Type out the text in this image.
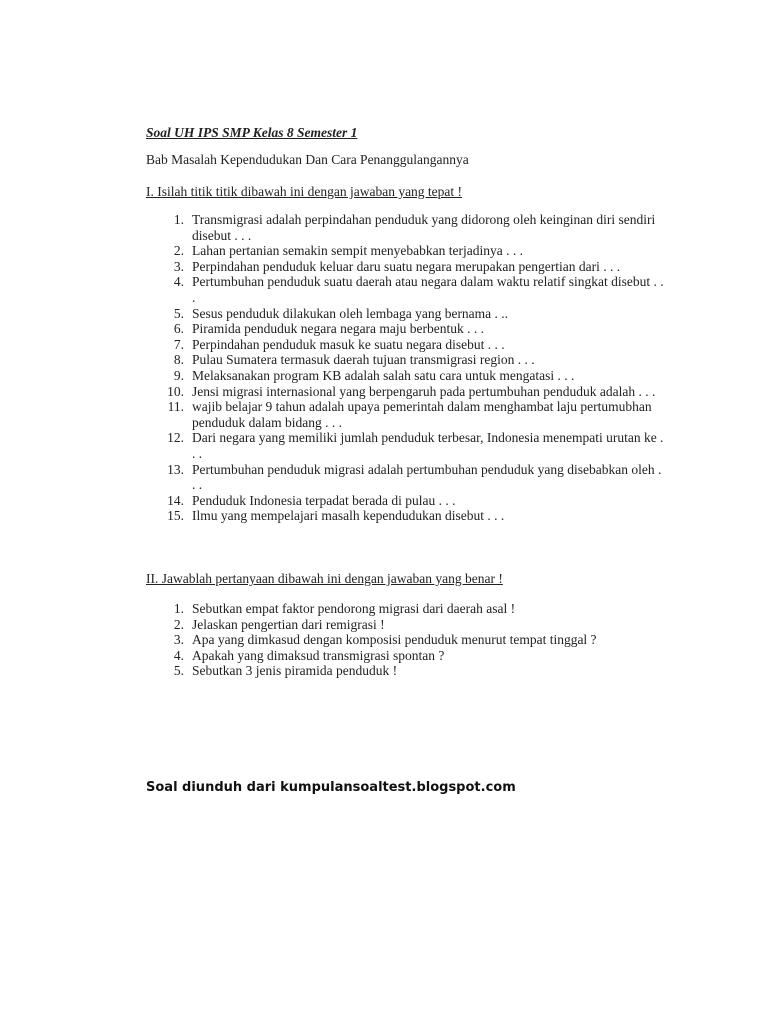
Soal UH IPS SMP Kelas 8 Semester 1
Bab Masalah Kependudukan Dan Cara Penanggulangannya
I. Isilah titik titik dibawah ini dengan jawaban yang tepat !
1 . Transmigrasi adalah perpindahan penduduk yang didorong oleh keinginan diri sendiri disebut . . .
2 . Lahan pertanian semakin sempit menyebabkan terjadinya . . .
3 . Perpindahan penduduk keluar daru suatu negara merupakan pengertian dari . . .
4 . Pertumbuhan penduduk suatu daerah atau negara dalam waktu relatif singkat disebut . . .
5 . Sesus penduduk dilakukan oleh lembaga yang bernama . ..
6 . Piramida penduduk negara negara maju berbentuk . . .
7 . Perpindahan penduduk masuk ke suatu negara disebut . . .
8 . Pulau Sumatera termasuk daerah tujuan transmigrasi region . . .
9 . Melaksanakan program KB adalah salah satu cara untuk mengatasi . . .
10 . Jensi migrasi internasional yang berpengaruh pada pertumbuhan penduduk adalah . . .
11 . wajib belajar 9 tahun adalah upaya pemerintah dalam menghambat laju pertumubhan penduduk dalam bidang . . .
12 . Dari negara yang memiliki jumlah penduduk terbesar, Indonesia menempati urutan ke . . .
13 . Pertumbuhan penduduk migrasi adalah pertumbuhan penduduk yang disebabkan oleh . . .
14 . Penduduk Indonesia terpadat berada di pulau . . .
15 . Ilmu yang mempelajari masalh kependudukan disebut . . .
II. Jawablah pertanyaan dibawah ini dengan jawaban yang benar !
1 . Sebutkan empat faktor pendorong migrasi dari daerah asal !
2 . Jelaskan pengertian dari remigrasi !
3 . Apa yang dimkasud dengan komposisi penduduk menurut tempat tinggal ?
4 . Apakah yang dimaksud transmigrasi spontan ?
5 . Sebutkan 3 jenis piramida penduduk !
Soal diunduh dari kumpulansoaltest.blogspot.com
